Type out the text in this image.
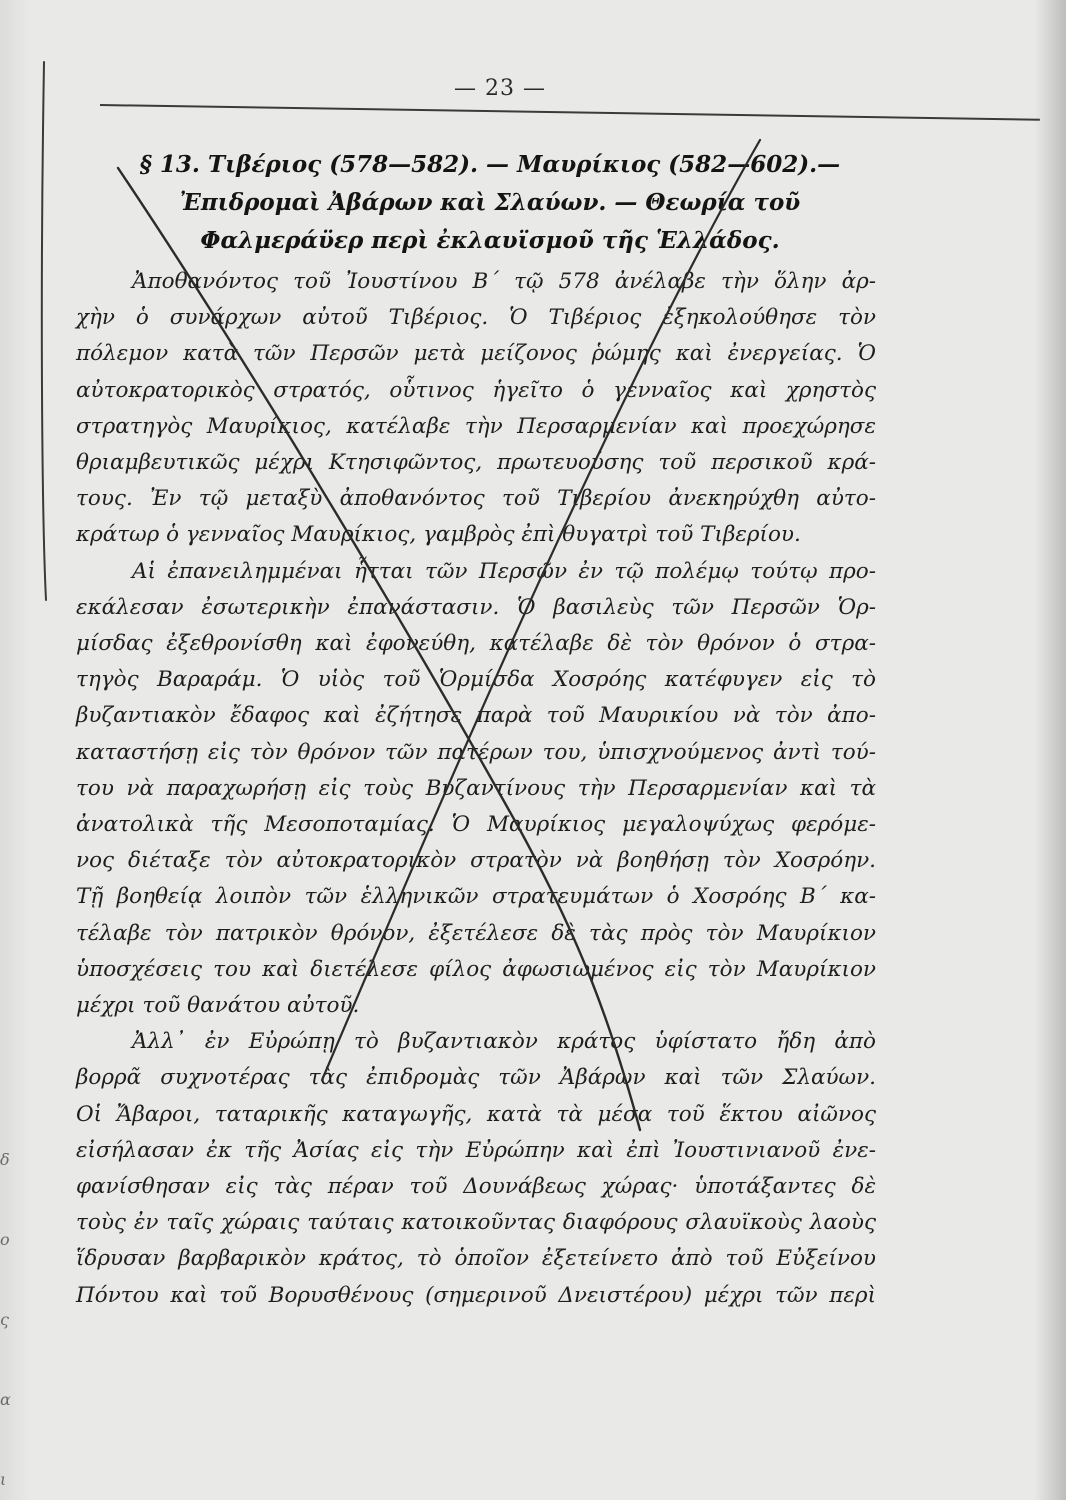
δ
ο
ς
α
ι
— 23 —
§ 13. Τιβέριος (578—582). — Μαυρίκιος (582—602).—
Ἐπιδρομαὶ Ἀβάρων καὶ Σλαύων. — Θεωρία τοῦ
Φαλμεράϋερ περὶ ἐκλαυϊσμοῦ τῆς Ἑλλάδος.
Ἀποθανόντος τοῦ Ἰουστίνου Β΄ τῷ 578 ἀνέλαβε τὴν ὅλην ἀρ-
χὴν ὁ συνάρχων αὐτοῦ Τιβέριος. Ὁ Τιβέριος ἐξηκολούθησε τὸν
πόλεμον κατὰ τῶν Περσῶν μετὰ μείζονος ῥώμης καὶ ἐνεργείας. Ὁ
αὐτοκρατορικὸς στρατός, οὗτινος ἡγεῖτο ὁ γενναῖος καὶ χρηστὸς
στρατηγὸς Μαυρίκιος, κατέλαβε τὴν Περσαρμενίαν καὶ προεχώρησε
θριαμβευτικῶς μέχρι Κτησιφῶντος, πρωτευούσης τοῦ περσικοῦ κρά-
τους. Ἐν τῷ μεταξὺ ἀποθανόντος τοῦ Τιβερίου ἀνεκηρύχθη αὐτο-
κράτωρ ὁ γενναῖος Μαυρίκιος, γαμβρὸς ἐπὶ θυγατρὶ τοῦ Τιβερίου.
Αἱ ἐπανειλημμέναι ἧτται τῶν Περσῶν ἐν τῷ πολέμῳ τούτῳ προ-
εκάλεσαν ἐσωτερικὴν ἐπανάστασιν. Ὁ βασιλεὺς τῶν Περσῶν Ὁρ-
μίσδας ἐξεθρονίσθη καὶ ἐφονεύθη, κατέλαβε δὲ τὸν θρόνον ὁ στρα-
τηγὸς Βαραράμ. Ὁ υἱὸς τοῦ Ὁρμίσδα Χοσρόης κατέφυγεν εἰς τὸ
βυζαντιακὸν ἔδαφος καὶ ἐζήτησε παρὰ τοῦ Μαυρικίου νὰ τὸν ἀπο-
καταστήσῃ εἰς τὸν θρόνον τῶν πατέρων του, ὑπισχνούμενος ἀντὶ τού-
του νὰ παραχωρήσῃ εἰς τοὺς Βυζαντίνους τὴν Περσαρμενίαν καὶ τὰ
ἀνατολικὰ τῆς Μεσοποταμίας. Ὁ Μαυρίκιος μεγαλοψύχως φερόμε-
νος διέταξε τὸν αὐτοκρατορικὸν στρατὸν νὰ βοηθήσῃ τὸν Χοσρόην.
Τῇ βοηθείᾳ λοιπὸν τῶν ἑλληνικῶν στρατευμάτων ὁ Χοσρόης Β΄ κα-
τέλαβε τὸν πατρικὸν θρόνον, ἐξετέλεσε δὲ τὰς πρὸς τὸν Μαυρίκιον
ὑποσχέσεις του καὶ διετέλεσε φίλος ἀφωσιωμένος εἰς τὸν Μαυρίκιον
μέχρι τοῦ θανάτου αὐτοῦ.
Ἀλλ᾽ ἐν Εὐρώπῃ τὸ βυζαντιακὸν κράτος ὑφίστατο ἤδη ἀπὸ
βορρᾶ συχνοτέρας τὰς ἐπιδρομὰς τῶν Ἀβάρων καὶ τῶν Σλαύων.
Οἱ Ἄβαροι, ταταρικῆς καταγωγῆς, κατὰ τὰ μέσα τοῦ ἕκτου αἰῶνος
εἰσήλασαν ἐκ τῆς Ἀσίας εἰς τὴν Εὐρώπην καὶ ἐπὶ Ἰουστινιανοῦ ἐνε-
φανίσθησαν εἰς τὰς πέραν τοῦ Δουνάβεως χώρας· ὑποτάξαντες δὲ
τοὺς ἐν ταῖς χώραις ταύταις κατοικοῦντας διαφόρους σλαυϊκοὺς λαοὺς
ἵδρυσαν βαρβαρικὸν κράτος, τὸ ὁποῖον ἐξετείνετο ἀπὸ τοῦ Εὐξείνου
Πόντου καὶ τοῦ Βορυσθένους (σημερινοῦ Δνειστέρου) μέχρι τῶν περὶ
